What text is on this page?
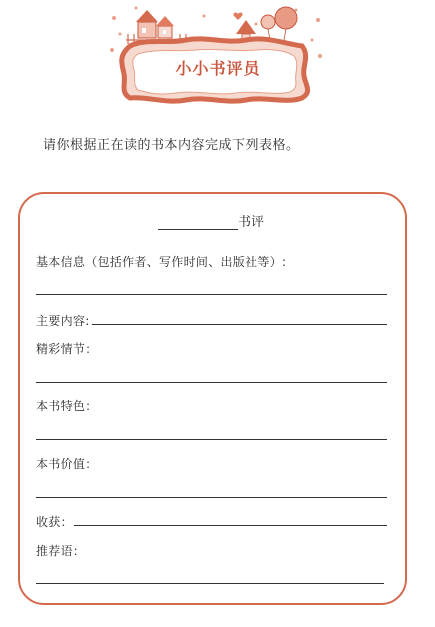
小小书评员
请你根据正在读的书本内容完成下列表格。
书评
基本信息（包括作者、写作时间、出版社等）:
主要内容:
精彩情节：
本书特色：
本书价值：
收获：
推荐语：
